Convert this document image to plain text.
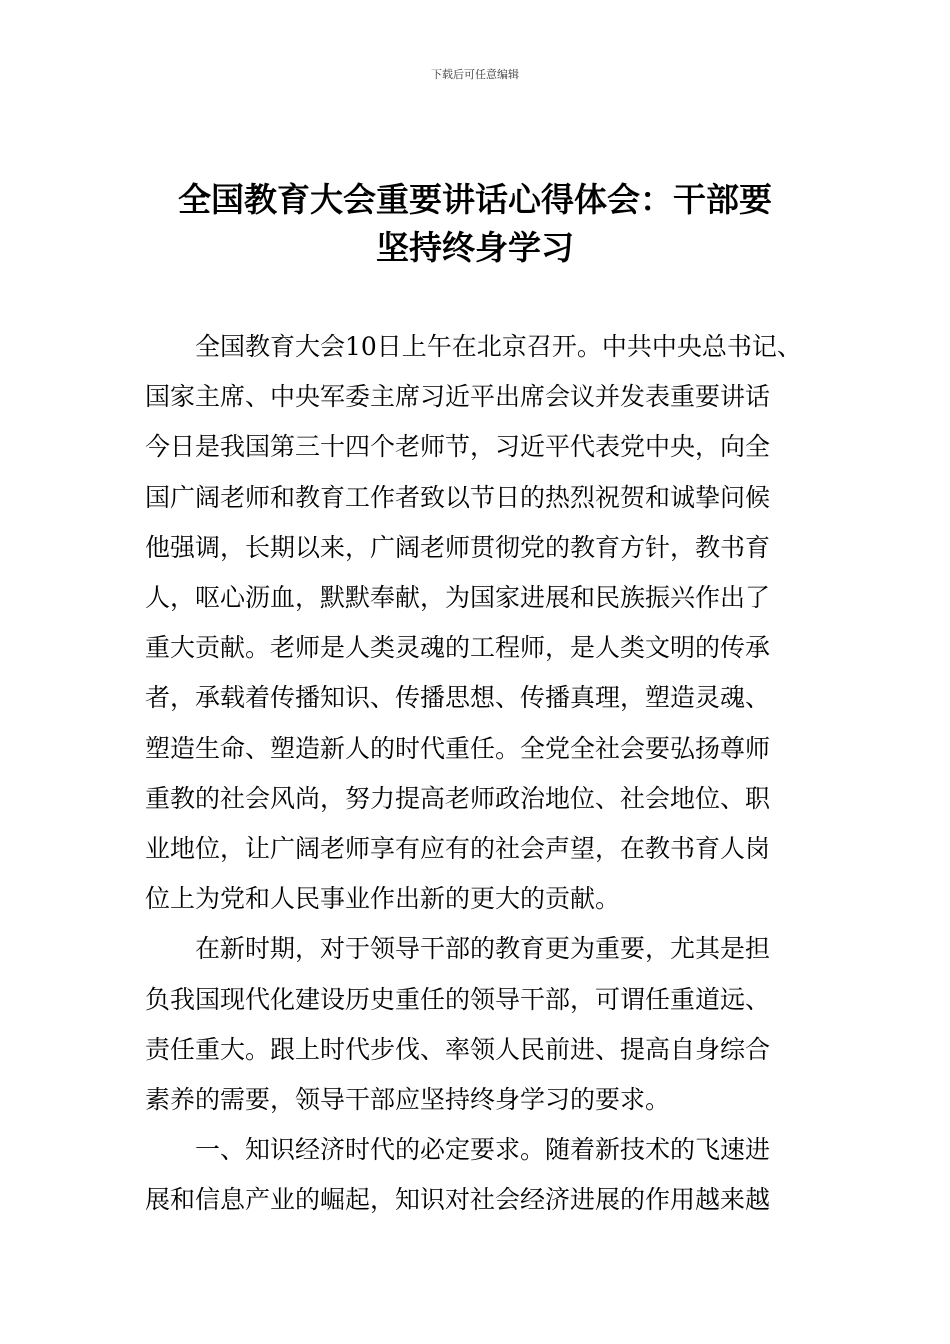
下载后可任意编辑
全国教育大会重要讲话心得体会：干部要
坚持终身学习

全国教育大会10日上午在北京召开。中共中央总书记、
国家主席、中央军委主席习近平出席会议并发表重要讲话
今日是我国第三十四个老师节，习近平代表党中央，向全
国广阔老师和教育工作者致以节日的热烈祝贺和诚挚问候
他强调，长期以来，广阔老师贯彻党的教育方针，教书育
人，呕心沥血，默默奉献，为国家进展和民族振兴作出了
重大贡献。老师是人类灵魂的工程师，是人类文明的传承
者，承载着传播知识、传播思想、传播真理，塑造灵魂、
塑造生命、塑造新人的时代重任。全党全社会要弘扬尊师
重教的社会风尚，努力提高老师政治地位、社会地位、职
业地位，让广阔老师享有应有的社会声望，在教书育人岗
位上为党和人民事业作出新的更大的贡献。

在新时期，对于领导干部的教育更为重要，尤其是担
负我国现代化建设历史重任的领导干部，可谓任重道远、
责任重大。跟上时代步伐、率领人民前进、提高自身综合
素养的需要，领导干部应坚持终身学习的要求。

一、知识经济时代的必定要求。随着新技术的飞速进
展和信息产业的崛起，知识对社会经济进展的作用越来越
